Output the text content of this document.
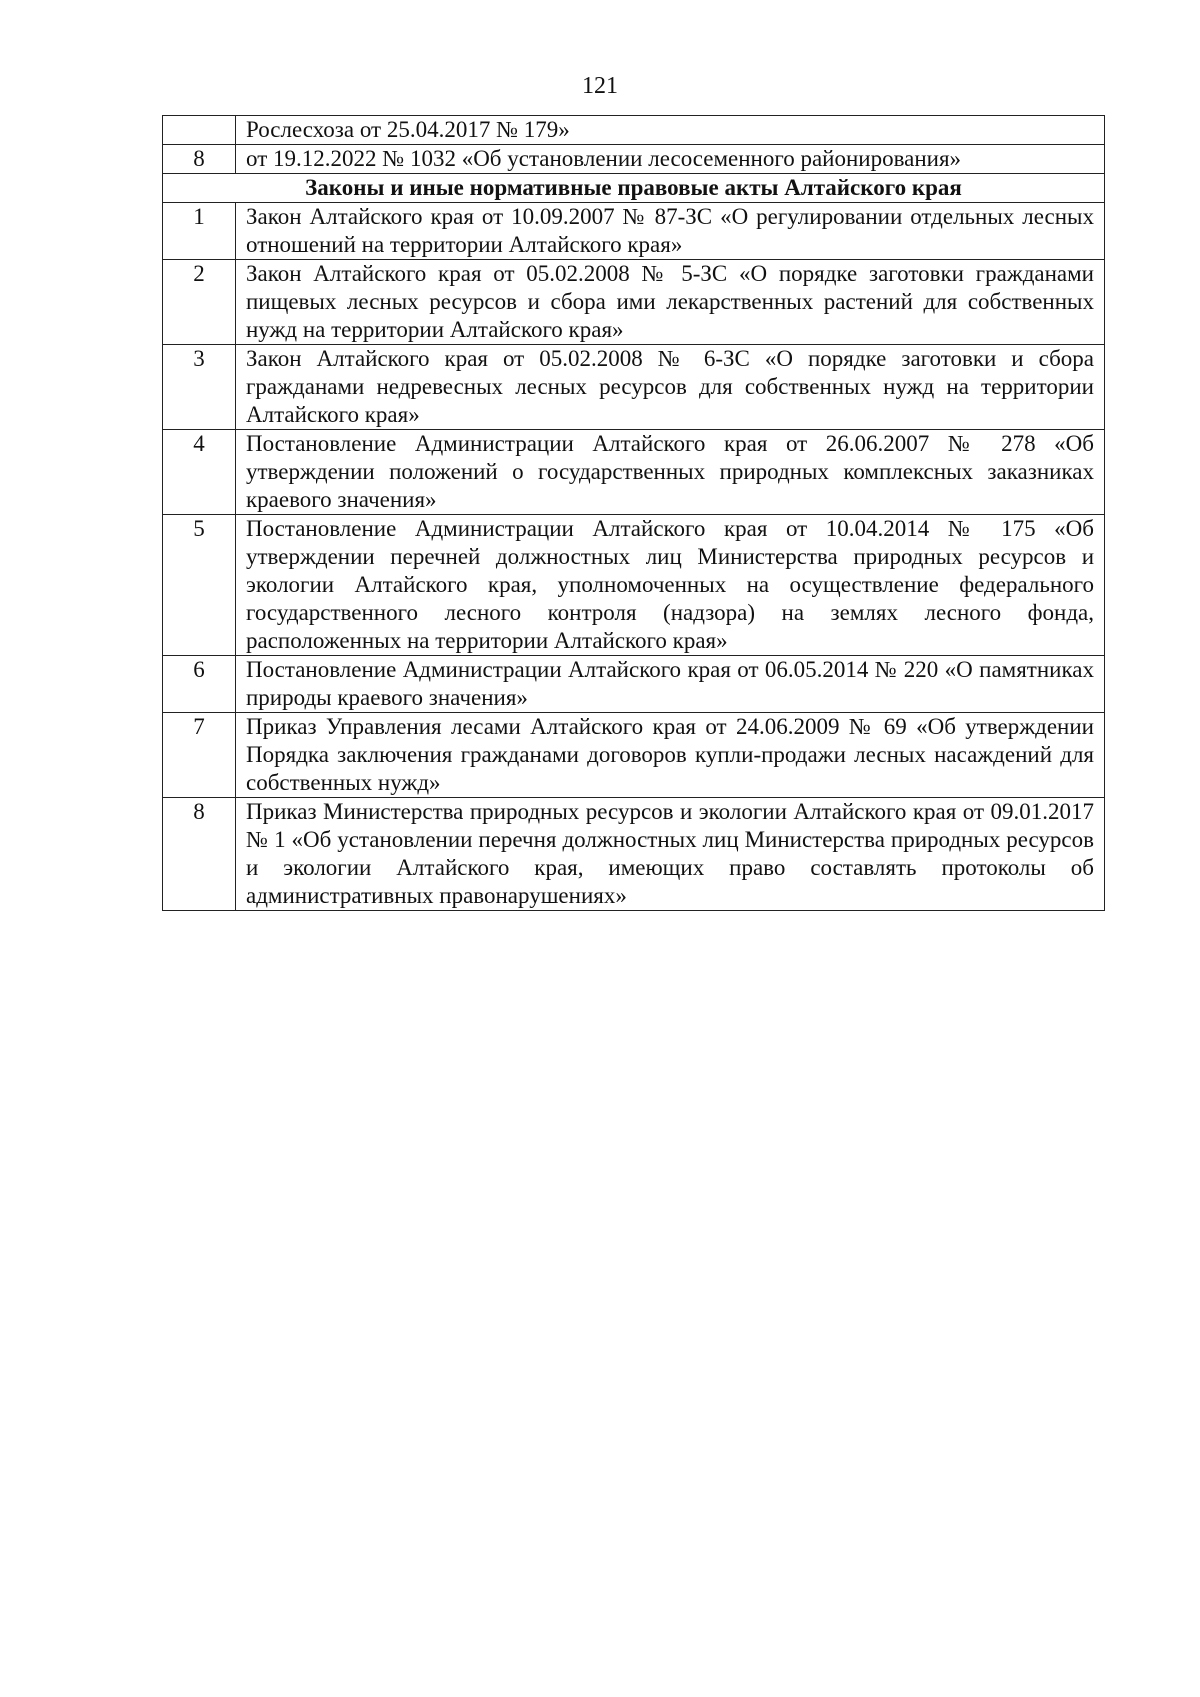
121
	Рослесхоза от 25.04.2017 № 179»
8	от 19.12.2022 № 1032 «Об установлении лесосеменного районирования»
Законы и иные нормативные правовые акты Алтайского края	
1	Закон Алтайского края от 10.09.2007 № 87-ЗС «О регулировании отдельных лесных отношений на территории Алтайского края»
2	Закон Алтайского края от 05.02.2008 № 5-ЗС «О порядке заготовки гражданами пищевых лесных ресурсов и сбора ими лекарственных растений для собственных нужд на территории Алтайского края»
3	Закон Алтайского края от 05.02.2008 № 6-ЗС «О порядке заготовки и сбора гражданами недревесных лесных ресурсов для собственных нужд на территории Алтайского края»
4	Постановление Администрации Алтайского края от 26.06.2007 № 278 «Об утверждении положений о государственных природных комплексных заказниках краевого значения»
5	Постановление Администрации Алтайского края от 10.04.2014 № 175 «Об утверждении перечней должностных лиц Министерства природных ресурсов и экологии Алтайского края, уполномоченных на осуществление федерального государственного лесного контроля (надзора) на землях лесного фонда, расположенных на территории Алтайского края»
6	Постановление Администрации Алтайского края от 06.05.2014 № 220 «О памятниках природы краевого значения»
7	Приказ Управления лесами Алтайского края от 24.06.2009 № 69 «Об утверждении Порядка заключения гражданами договоров купли-продажи лесных насаждений для собственных нужд»
8	Приказ Министерства природных ресурсов и экологии Алтайского края от 09.01.2017 № 1 «Об установлении перечня должностных лиц Министерства природных ресурсов и экологии Алтайского края, имеющих право составлять протоколы об административных правонарушениях»
